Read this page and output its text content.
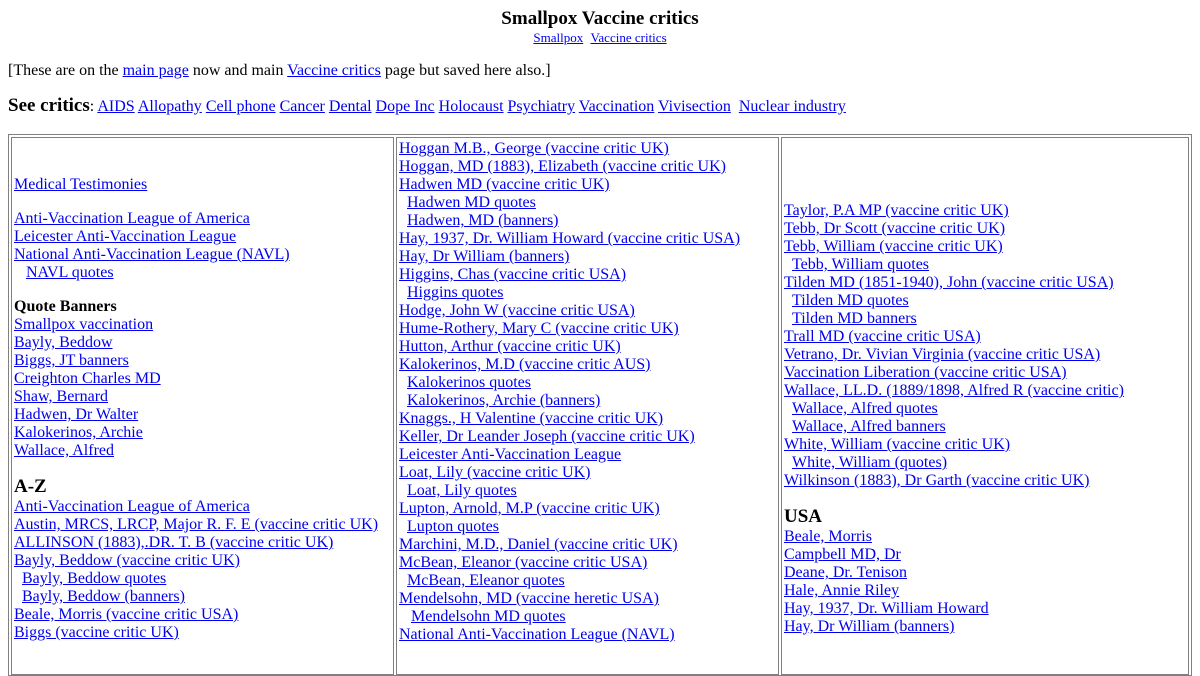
Smallpox Vaccine critics
Smallpox Vaccine critics
[These are on the main page now and main Vaccine critics page but saved here also.]
See critics: AIDS Allopathy Cell phone Cancer Dental Dope Inc Holocaust Psychiatry Vaccination Vivisection Nuclear industry
Medical Testimonies
Anti-Vaccination League of America
Leicester Anti-Vaccination League
National Anti-Vaccination League (NAVL)
NAVL quotes
Quote Banners
Smallpox vaccination
Bayly, Beddow
Biggs, JT banners
Creighton Charles MD
Shaw, Bernard
Hadwen, Dr Walter
Kalokerinos, Archie
Wallace, Alfred
A-Z
Anti-Vaccination League of America
Austin, MRCS, LRCP, Major R. F. E (vaccine critic UK)
ALLINSON (1883),.DR. T. B (vaccine critic UK)
Bayly, Beddow (vaccine critic UK)
Bayly, Beddow quotes
Bayly, Beddow (banners)
Beale, Morris (vaccine critic USA)
Biggs (vaccine critic UK)
Hoggan M.B., George (vaccine critic UK)
Hoggan, MD (1883), Elizabeth (vaccine critic UK)
Hadwen MD (vaccine critic UK)
Hadwen MD quotes
Hadwen, MD (banners)
Hay, 1937, Dr. William Howard (vaccine critic USA)
Hay, Dr William (banners)
Higgins, Chas (vaccine critic USA)
Higgins quotes
Hodge, John W (vaccine critic USA)
Hume-Rothery, Mary C (vaccine critic UK)
Hutton, Arthur (vaccine critic UK)
Kalokerinos, M.D (vaccine critic AUS)
Kalokerinos quotes
Kalokerinos, Archie (banners)
Knaggs., H Valentine (vaccine critic UK)
Keller, Dr Leander Joseph (vaccine critic UK)
Leicester Anti-Vaccination League
Loat, Lily (vaccine critic UK)
Loat, Lily quotes
Lupton, Arnold, M.P (vaccine critic UK)
Lupton quotes
Marchini, M.D., Daniel (vaccine critic UK)
McBean, Eleanor (vaccine critic USA)
McBean, Eleanor quotes
Mendelsohn, MD (vaccine heretic USA)
Mendelsohn MD quotes
National Anti-Vaccination League (NAVL)
Taylor, P.A MP (vaccine critic UK)
Tebb, Dr Scott (vaccine critic UK)
Tebb, William (vaccine critic UK)
Tebb, William quotes
Tilden MD (1851-1940), John (vaccine critic USA)
Tilden MD quotes
Tilden MD banners
Trall MD (vaccine critic USA)
Vetrano, Dr. Vivian Virginia (vaccine critic USA)
Vaccination Liberation (vaccine critic USA)
Wallace, LL.D. (1889/1898, Alfred R (vaccine critic)
Wallace, Alfred quotes
Wallace, Alfred banners
White, William (vaccine critic UK)
White, William (quotes)
Wilkinson (1883), Dr Garth (vaccine critic UK)
USA
Beale, Morris
Campbell MD, Dr
Deane, Dr. Tenison
Hale, Annie Riley
Hay, 1937, Dr. William Howard
Hay, Dr William (banners)
